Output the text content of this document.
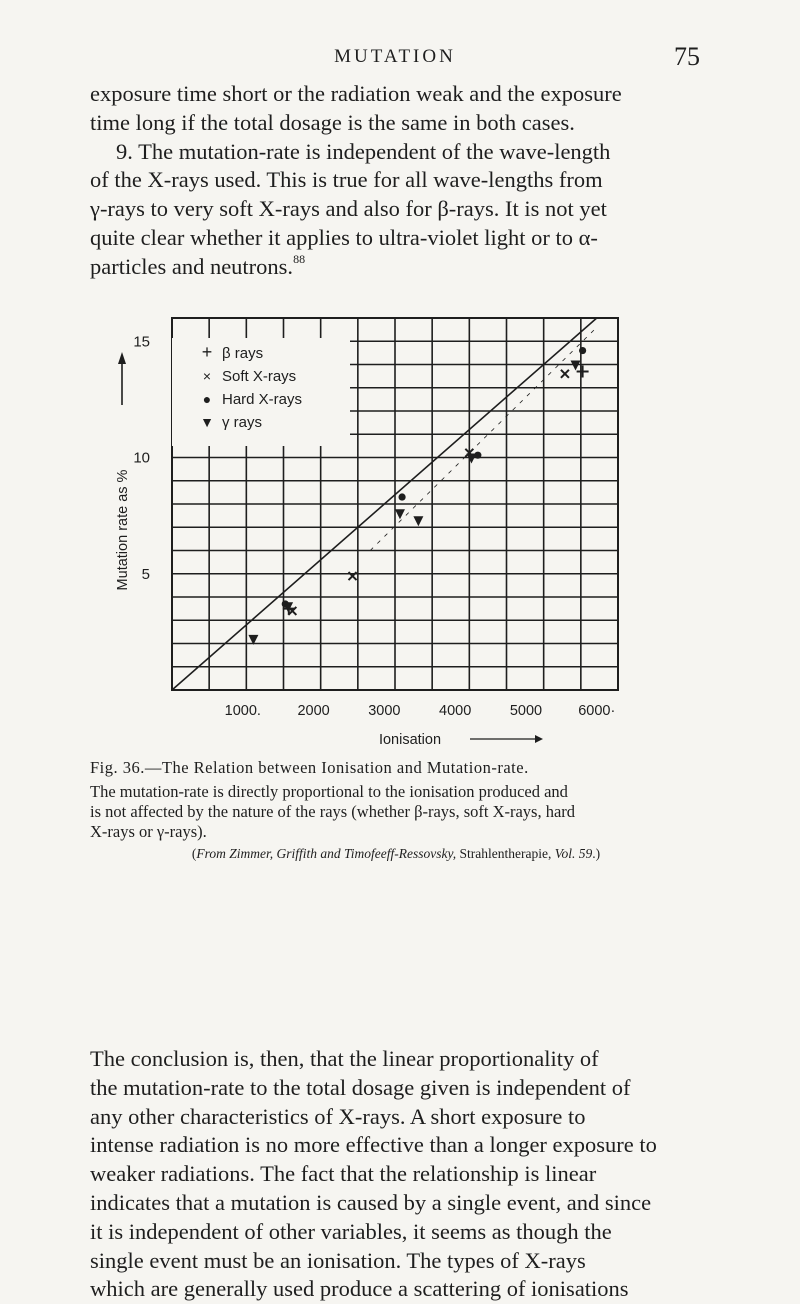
MUTATION	75
exposure time short or the radiation weak and the exposure
time long if the total dosage is the same in both cases.
9. The mutation-rate is independent of the wave-length
of the X-rays used. This is true for all wave-lengths from
γ-rays to very soft X-rays and also for β-rays. It is not yet
quite clear whether it applies to ultra-violet light or to α-
particles and neutrons.$^{88}$
+ β rays
× Soft X-rays
● Hard X-rays
▼ γ rays
1000.	2000	3000	4000	5000 6000·
5
10
15
Ionisation
Mutation rate as %
Fig. 36.—The Relation between Ionisation and Mutation-rate.
The mutation-rate is directly proportional to the ionisation produced and
is not affected by the nature of the rays (whether β-rays, soft X-rays, hard
X-rays or γ-rays).
(From Zimmer, Griffith and Timofeeff-Ressovsky, Strahlentherapie, Vol. 59.)
The conclusion is, then, that the linear proportionality of
the mutation-rate to the total dosage given is independent of
any other characteristics of X-rays. A short exposure to
intense radiation is no more effective than a longer exposure to
weaker radiations. The fact that the relationship is linear
indicates that a mutation is caused by a single event, and since
it is independent of other variables, it seems as though the
single event must be an ionisation. The types of X-rays
which are generally used produce a scattering of ionisations
